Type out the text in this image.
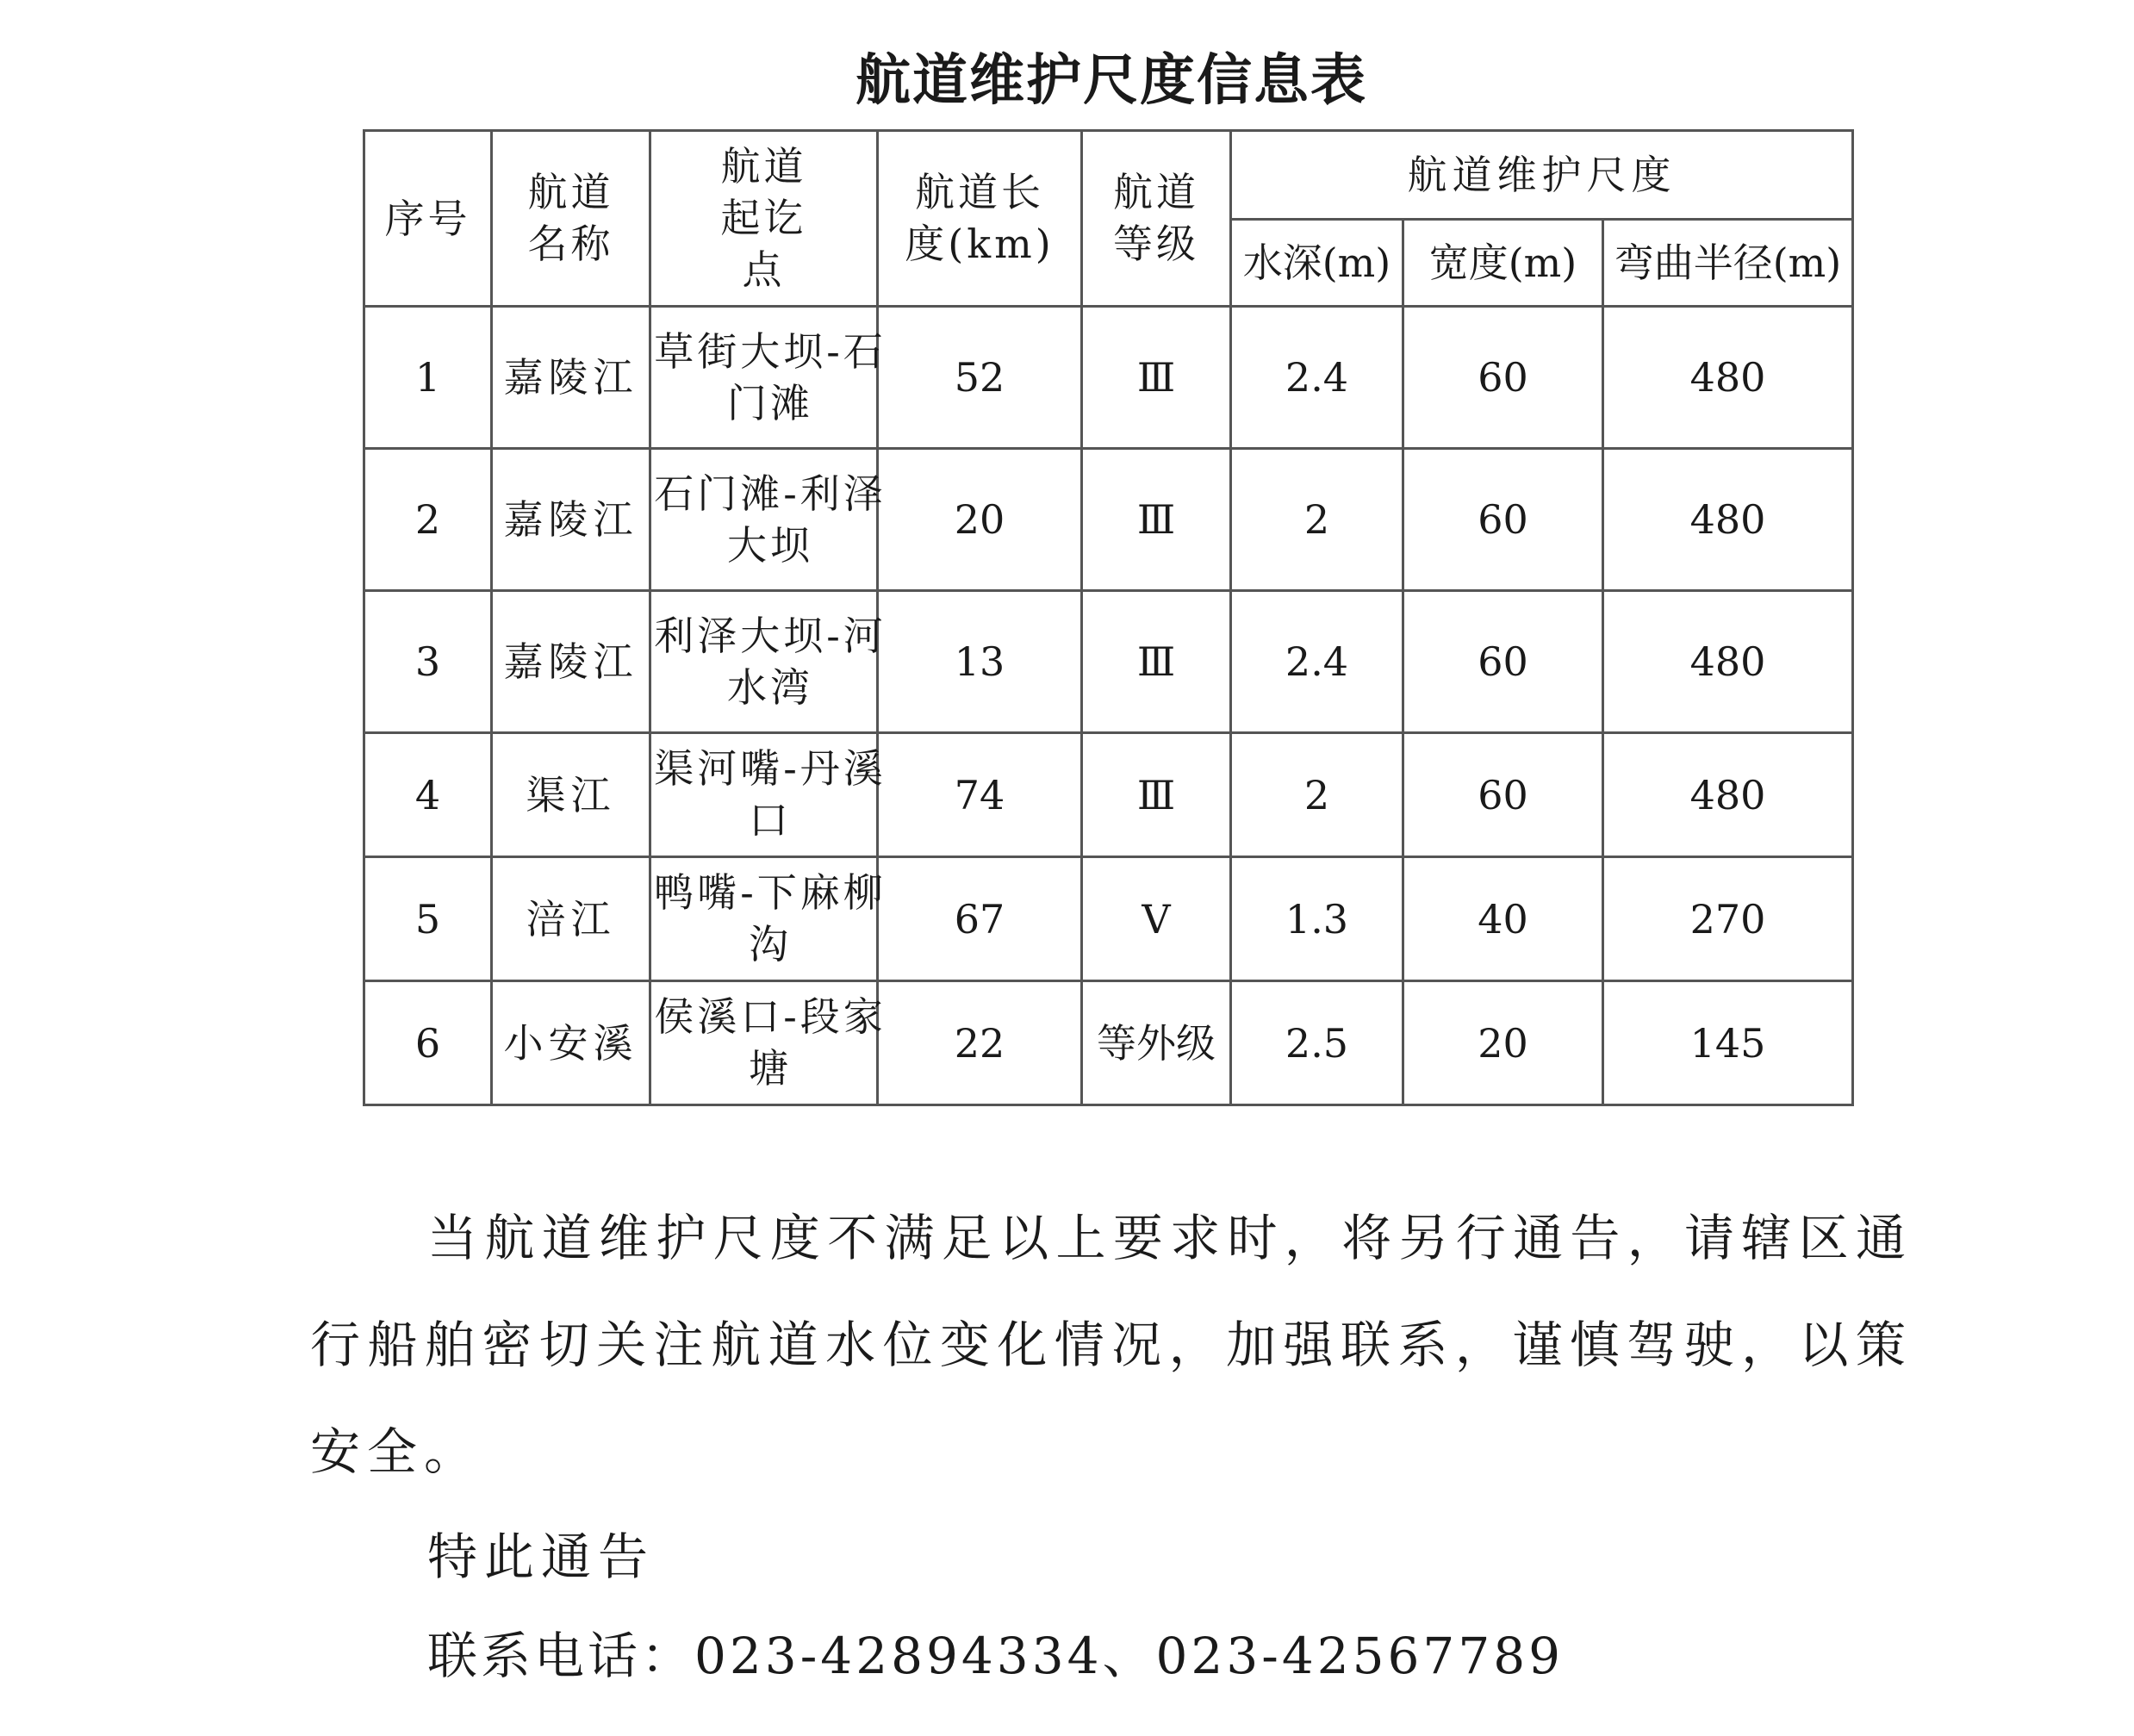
航道维护尺度信息表
序号	航道名称	航道起讫点	航道长度(km)	航道等级	航道维护尺度		
					水深(m)	宽度(m)	弯曲半径(m)
1	嘉陵江	草街大坝-石门滩	52	Ⅲ	2.4	60	480
2	嘉陵江	石门滩-利泽大坝	20	Ⅲ	2	60	480
3	嘉陵江	利泽大坝-河水湾	13	Ⅲ	2.4	60	480
4	渠江	渠河嘴-丹溪口	74	Ⅲ	2	60	480
5	涪江	鸭嘴-下麻柳沟	67	V	1.3	40	270
6	小安溪	侯溪口-段家塘	22	等外级	2.5	20	145

当航道维护尺度不满足以上要求时，将另行通告，请辖区通行船舶密切关注航道水位变化情况，加强联系，谨慎驾驶，以策安全。

特此通告
联系电话：023-42894334、023-42567789
